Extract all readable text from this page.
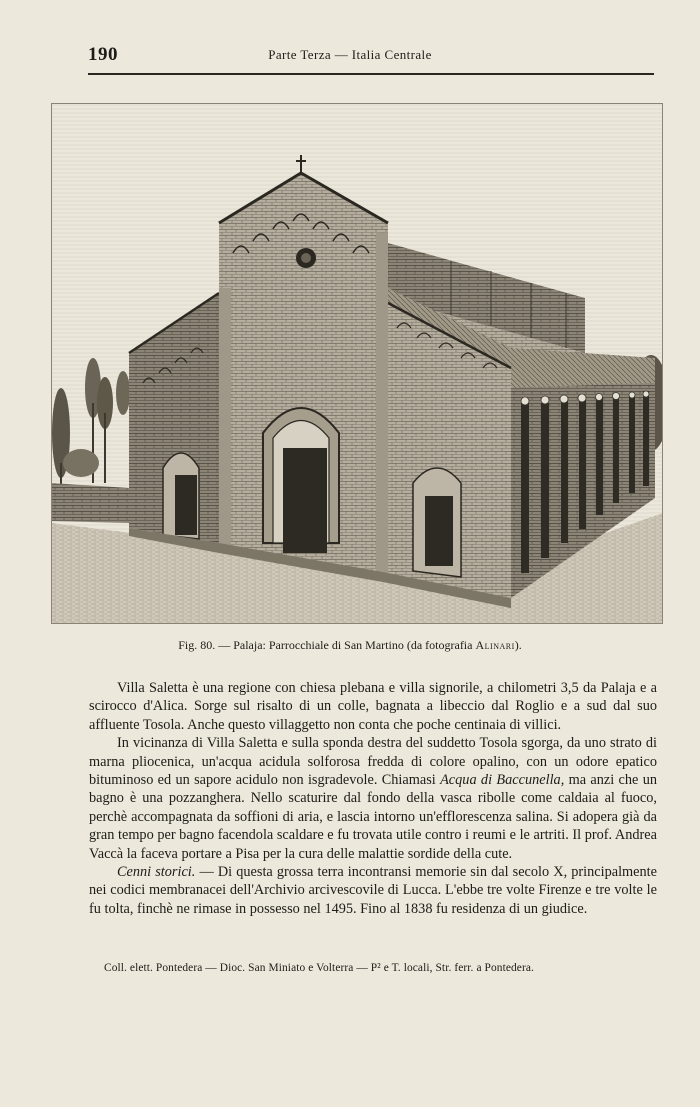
190	Parte Terza — Italia Centrale
Fig. 80. — Palaja: Parrocchiale di San Martino (da fotografia Alinari).

Villa Saletta è una regione con chiesa plebana e villa signorile, a chilometri 3,5 da Palaja e a scirocco d'Alica. Sorge sul risalto di un colle, bagnata a libeccio dal Roglio e a sud dal suo affluente Tosola. Anche questo villaggetto non conta che poche centinaia di villici.

In vicinanza di Villa Saletta e sulla sponda destra del suddetto Tosola sgorga, da uno strato di marna pliocenica, un'acqua acidula solforosa fredda di colore opalino, con un odore epatico bituminoso ed un sapore acidulo non isgradevole. Chiamasi Acqua di Baccunella, ma anzi che un bagno è una pozzanghera. Nello scaturire dal fondo della vasca ribolle come caldaia al fuoco, perchè accompagnata da soffioni di aria, e lascia intorno un'efflorescenza salina. Si adopera già da gran tempo per bagno facendola scaldare e fu trovata utile contro i reumi e le artriti. Il prof. Andrea Vaccà la faceva portare a Pisa per la cura delle malattie sordide della cute.

Cenni storici. — Di questa grossa terra incontransi memorie sin dal secolo X, principalmente nei codici membranacei dell'Archivio arcivescovile di Lucca. L'ebbe tre volte Firenze e tre volte le fu tolta, finchè ne rimase in possesso nel 1495. Fino al 1838 fu residenza di un giudice.

Coll. elett. Pontedera — Dioc. San Miniato e Volterra — P² e T. locali, Str. ferr. a Pontedera.
